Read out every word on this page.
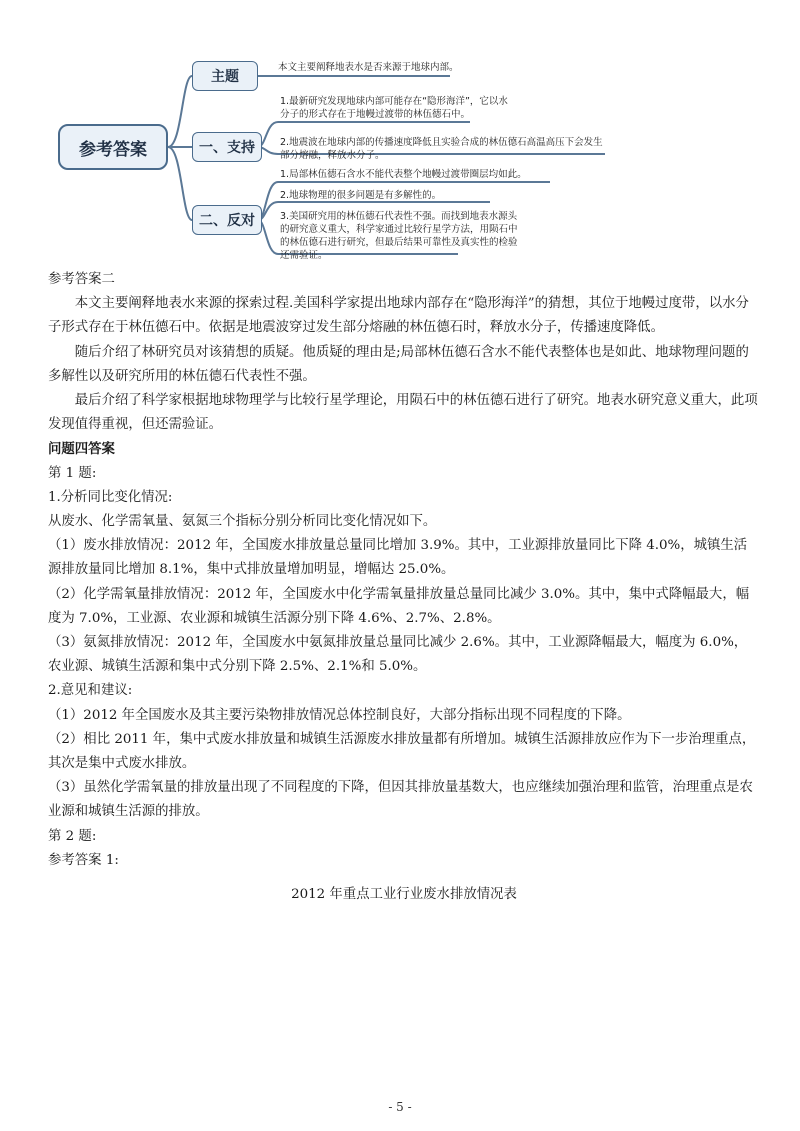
参考答案
主题
一、支持
二、反对
本文主要阐释地表水是否来源于地球内部。
1.最新研究发现地球内部可能存在“隐形海洋”，它以水分子的形式存在于地幔过渡带的林伍德石中。
2.地震波在地球内部的传播速度降低且实验合成的林伍德石高温高压下会发生部分熔融，释放水分子。
1.局部林伍德石含水不能代表整个地幔过渡带圈层均如此。
2.地球物理的很多问题是有多解性的。
3.美国研究用的林伍德石代表性不强。而找到地表水源头的研究意义重大，科学家通过比较行星学方法，用陨石中的林伍德石进行研究，但最后结果可靠性及真实性的检验还需验证。

参考答案二

本文主要阐释地表水来源的探索过程.美国科学家提出地球内部存在“隐形海洋”的猜想，其位于地幔过度带，以水分子形式存在于林伍德石中。依据是地震波穿过发生部分熔融的林伍德石时，释放水分子，传播速度降低。

随后介绍了林研究员对该猜想的质疑。他质疑的理由是;局部林伍德石含水不能代表整体也是如此、地球物理问题的多解性以及研究所用的林伍德石代表性不强。

最后介绍了科学家根据地球物理学与比较行星学理论，用陨石中的林伍德石进行了研究。地表水研究意义重大，此项发现值得重视，但还需验证。

问题四答案

第 1 题:

1.分析同比变化情况:

从废水、化学需氧量、氨氮三个指标分别分析同比变化情况如下。

（1）废水排放情况：2012 年，全国废水排放量总量同比增加 3.9%。其中，工业源排放量同比下降 4.0%，城镇生活源排放量同比增加 8.1%，集中式排放量增加明显，增幅达 25.0%。

（2）化学需氧量排放情况：2012 年，全国废水中化学需氧量排放量总量同比减少 3.0%。其中，集中式降幅最大，幅度为 7.0%，工业源、农业源和城镇生活源分别下降 4.6%、2.7%、2.8%。

（3）氨氮排放情况：2012 年，全国废水中氨氮排放量总量同比减少 2.6%。其中，工业源降幅最大，幅度为 6.0%，农业源、城镇生活源和集中式分别下降 2.5%、2.1%和 5.0%。

2.意见和建议:

（1）2012 年全国废水及其主要污染物排放情况总体控制良好，大部分指标出现不同程度的下降。

（2）相比 2011 年，集中式废水排放量和城镇生活源废水排放量都有所增加。城镇生活源排放应作为下一步治理重点，其次是集中式废水排放。

（3）虽然化学需氧量的排放量出现了不同程度的下降，但因其排放量基数大，也应继续加强治理和监管，治理重点是农业源和城镇生活源的排放。

第 2 题:

参考答案 1:

2012 年重点工业行业废水排放情况表

- 5 -
